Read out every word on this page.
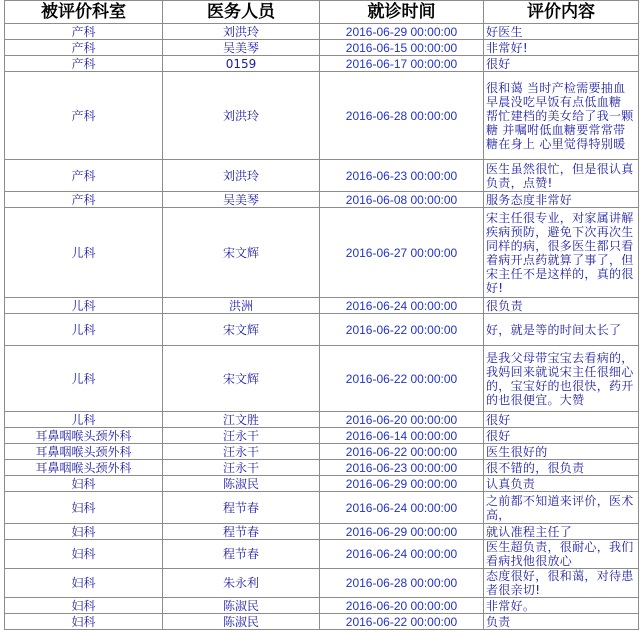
被评价科室	医务人员	就诊时间	评价内容
产科	刘洪玲	2016-06-29 00:00:00	好医生
产科	吴美琴	2016-06-15 00:00:00	非常好!
产科	0159	2016-06-17 00:00:00	很好
产科	刘洪玲	2016-06-28 00:00:00	很和蔼 当时产检需要抽血 早晨没吃早饭有点低血糖 帮忙建档的美女给了我一颗糖 并嘱咐低血糖要常常带糖在身上 心里觉得特别暖
产科	刘洪玲	2016-06-23 00:00:00	医生虽然很忙，但是很认真负责，点赞!
产科	吴美琴	2016-06-08 00:00:00	服务态度非常好
儿科	宋文辉	2016-06-27 00:00:00	宋主任很专业，对家属讲解疾病预防，避免下次再次生同样的病，很多医生都只看着病开点药就算了事了，但宋主任不是这样的，真的很好!
儿科	洪洲	2016-06-24 00:00:00	很负责
儿科	宋文辉	2016-06-22 00:00:00	好，就是等的时间太长了
儿科	宋文辉	2016-06-22 00:00:00	是我父母带宝宝去看病的，我妈回来就说宋主任很细心的，宝宝好的也很快，药开的也很便宜。大赞
儿科	江文胜	2016-06-20 00:00:00	很好
耳鼻咽喉头颈外科	汪永干	2016-06-14 00:00:00	很好
耳鼻咽喉头颈外科	汪永干	2016-06-22 00:00:00	医生很好的
耳鼻咽喉头颈外科	汪永干	2016-06-23 00:00:00	很不错的，很负责
妇科	陈淑民	2016-06-29 00:00:00	认真负责
妇科	程节春	2016-06-24 00:00:00	之前都不知道来评价，医术高，
妇科	程节春	2016-06-29 00:00:00	就认准程主任了
妇科	程节春	2016-06-24 00:00:00	医生超负责，很耐心，我们看病找他很放心
妇科	朱永利	2016-06-28 00:00:00	态度很好，很和蔼，对待患者很亲切!
妇科	陈淑民	2016-06-20 00:00:00	非常好。
妇科	陈淑民	2016-06-22 00:00:00	负责
